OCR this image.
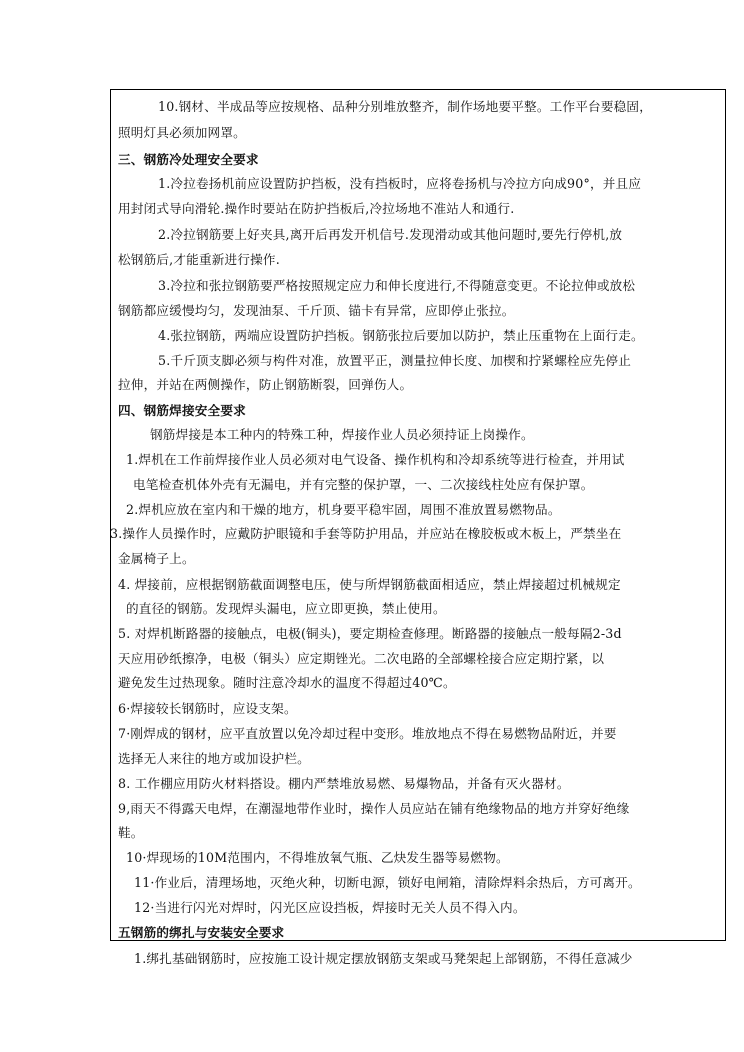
10.钢材、半成品等应按规格、品种分别堆放整齐，制作场地要平整。工作平台要稳固，
照明灯具必须加网罩。
三、钢筋冷处理安全要求
1.冷拉卷扬机前应设置防护挡板，没有挡板时，应将卷扬机与冷拉方向成90°，并且应
用封闭式导向滑轮.操作时要站在防护挡板后,冷拉场地不准站人和通行.
2.冷拉钢筋要上好夹具,离开后再发开机信号.发现滑动或其他问题时,要先行停机,放
松钢筋后,才能重新进行操作.
3.冷拉和张拉钢筋要严格按照规定应力和伸长度进行,不得随意变更。不论拉伸或放松
钢筋都应缓慢均匀，发现油泵、千斤顶、锚卡有异常，应即停止张拉。
4.张拉钢筋，两端应设置防护挡板。钢筋张拉后要加以防护，禁止压重物在上面行走。
5.千斤顶支脚必须与构件对准，放置平正，测量拉伸长度、加楔和拧紧螺栓应先停止
拉伸，并站在两侧操作，防止钢筋断裂，回弹伤人。
四、钢筋焊接安全要求
钢筋焊接是本工种内的特殊工种，焊接作业人员必须持证上岗操作。
1.焊机在工作前焊接作业人员必须对电气设备、操作机构和冷却系统等进行检查，并用试
电笔检查机体外壳有无漏电，并有完整的保护罩，一、二次接线柱处应有保护罩。
2.焊机应放在室内和干燥的地方，机身要平稳牢固，周围不准放置易燃物品。
3.操作人员操作时，应戴防护眼镜和手套等防护用品，并应站在橡胶板或木板上，严禁坐在
金属椅子上。
4. 焊接前，应根据钢筋截面调整电压，使与所焊钢筋截面相适应，禁止焊接超过机械规定
的直径的钢筋。发现焊头漏电，应立即更换，禁止使用。
5. 对焊机断路器的接触点，电极(铜头)，要定期检查修理。断路器的接触点一般每隔2-3d
天应用砂纸擦净，电极（铜头）应定期锉光。二次电路的全部螺栓接合应定期拧紧，以
避免发生过热现象。随时注意冷却水的温度不得超过40℃。
6·焊接较长钢筋时，应设支架。
7·刚焊成的钢材，应平直放置以免冷却过程中变形。堆放地点不得在易燃物品附近，并要
选择无人来往的地方或加设护栏。
8. 工作棚应用防火材料搭设。棚内严禁堆放易燃、易爆物品，并备有灭火器材。
9,雨天不得露天电焊，在潮湿地带作业时，操作人员应站在铺有绝缘物品的地方并穿好绝缘
鞋。
10·焊现场的10M范围内，不得堆放氧气瓶、乙炔发生器等易燃物。
11·作业后，清理场地，灭绝火种，切断电源，锁好电闸箱，清除焊料余热后，方可离开。
12·当进行闪光对焊时，闪光区应设挡板，焊接时无关人员不得入内。
五钢筋的绑扎与安装安全要求
1.绑扎基础钢筋时，应按施工设计规定摆放钢筋支架或马凳架起上部钢筋，不得任意减少
